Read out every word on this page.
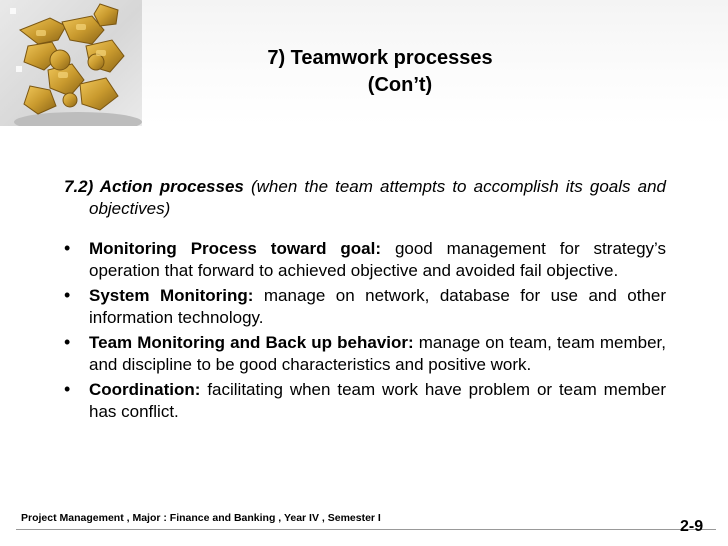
7) Teamwork processes
(Con’t)
7.2) Action processes (when the team attempts to accomplish its goals and objectives)
• Monitoring Process toward goal: good management for strategy’s operation that forward to achieved objective and avoided fail objective.
• System Monitoring: manage on network, database for use and other information technology.
• Team Monitoring and Back up behavior: manage on team, team member, and discipline to be good characteristics and positive work.
• Coordination: facilitating when team work have problem or team member has conflict.
Project Management , Major : Finance and Banking , Year IV , Semester I	2-9
